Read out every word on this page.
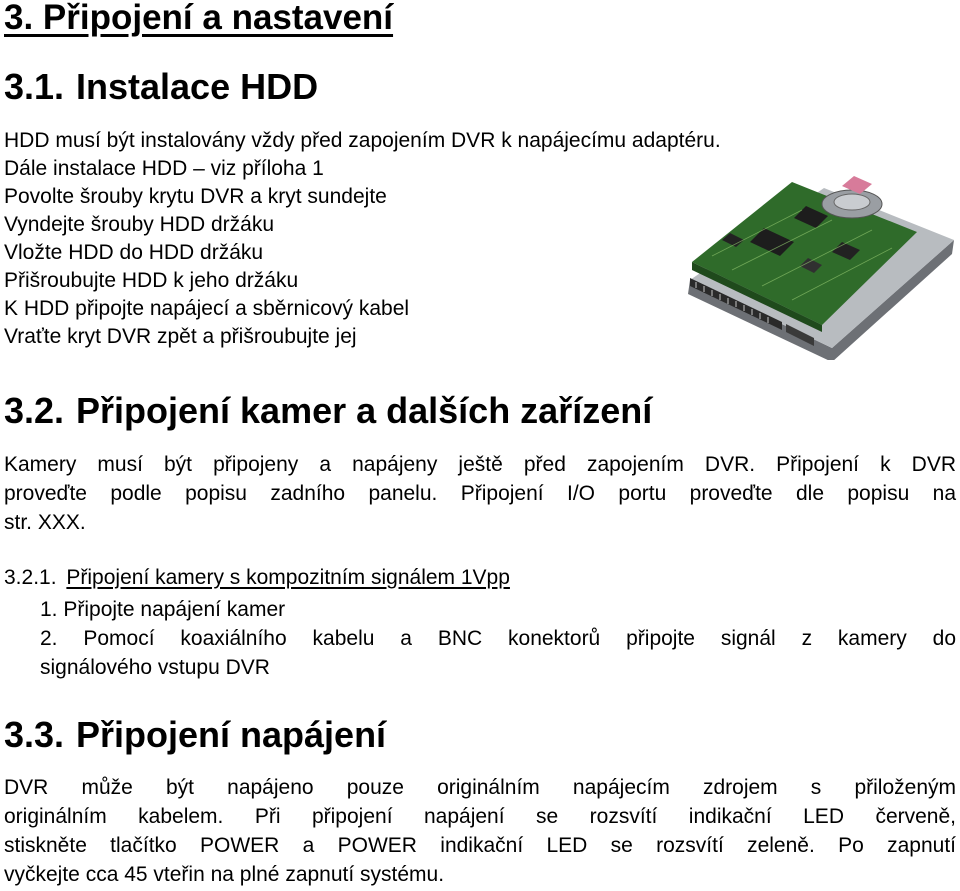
3. Připojení a nastavení
3.1. Instalace HDD
HDD musí být instalovány vždy před zapojením DVR k napájecímu adaptéru.
Dále instalace HDD – viz příloha 1
Povolte šrouby krytu DVR a kryt sundejte
Vyndejte šrouby HDD držáku
Vložte HDD do HDD držáku
Přišroubujte HDD k jeho držáku
K HDD připojte napájecí a sběrnicový kabel
Vraťte kryt DVR zpět a přišroubujte jej
3.2. Připojení kamer a dalších zařízení
Kamery musí být připojeny a napájeny ještě před zapojením DVR. Připojení k DVR
proveďte podle popisu zadního panelu. Připojení I/O portu proveďte dle popisu na
str. XXX.
3.2.1. Připojení kamery s kompozitním signálem 1Vpp
1. Připojte napájení kamer
2. Pomocí koaxiálního kabelu a BNC konektorů připojte signál z kamery do
signálového vstupu DVR
3.3. Připojení napájení
DVR může být napájeno pouze originálním napájecím zdrojem s přiloženým
originálním kabelem. Při připojení napájení se rozsvítí indikační LED červeně,
stiskněte tlačítko POWER a POWER indikační LED se rozsvítí zeleně. Po zapnutí
vyčkejte cca 45 vteřin na plné zapnutí systému.
